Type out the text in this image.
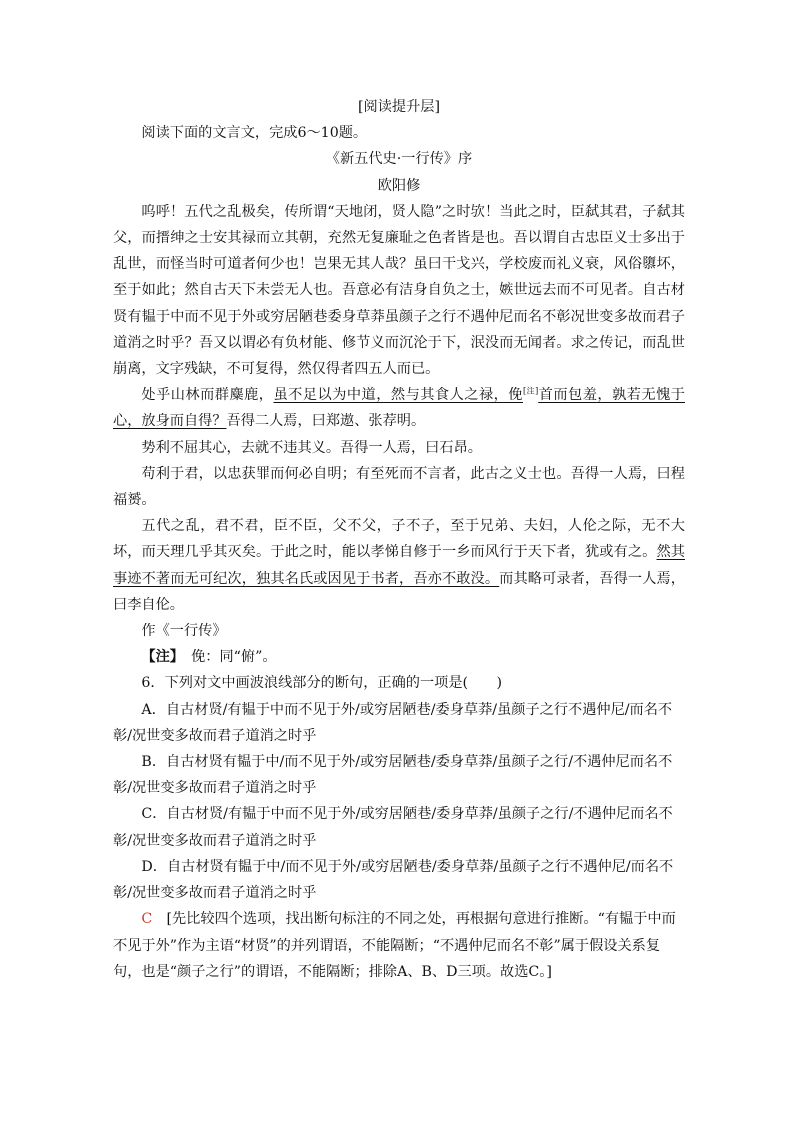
[阅读提升层]

阅读下面的文言文，完成6～10题。

《新五代史·一行传》序
欧阳修

呜呼！五代之乱极矣，传所谓“天地闭，贤人隐”之时欤！当此之时，臣弑其君，子弑其父，而搢绅之士安其禄而立其朝，充然无复廉耻之色者皆是也。吾以谓自古忠臣义士多出于乱世，而怪当时可道者何少也！岂果无其人哉？虽曰干戈兴，学校废而礼义衰，风俗隳坏，至于如此；然自古天下未尝无人也。吾意必有洁身自负之士，嫉世远去而不可见者。自古材贤有韫于中而不见于外或穷居陋巷委身草莽虽颜子之行不遇仲尼而名不彰况世变多故而君子道消之时乎？吾又以谓必有负材能、修节义而沉沦于下，泯没而无闻者。求之传记，而乱世崩离，文字残缺，不可复得，然仅得者四五人而已。

处乎山林而群麋鹿，虽不足以为中道，然与其食人之禄，俛[注]首而包羞，孰若无愧于心，放身而自得？吾得二人焉，曰郑遨、张荐明。

势利不屈其心，去就不违其义。吾得一人焉，曰石昂。

苟利于君，以忠获罪而何必自明；有至死而不言者，此古之义士也。吾得一人焉，曰程福赟。

五代之乱，君不君，臣不臣，父不父，子不子，至于兄弟、夫妇，人伦之际，无不大坏，而天理几乎其灭矣。于此之时，能以孝悌自修于一乡而风行于天下者，犹或有之。然其事迹不著而无可纪次，独其名氏或因见于书者，吾亦不敢没。而其略可录者，吾得一人焉，曰李自伦。

作《一行传》

【注】　 俛：同“俯”。

6．下列对文中画波浪线部分的断句，正确的一项是(　　)

A．自古材贤/有韫于中而不见于外/或穷居陋巷/委身草莽/虽颜子之行不遇仲尼/而名不彰/况世变多故而君子道消之时乎

B．自古材贤有韫于中/而不见于外/或穷居陋巷/委身草莽/虽颜子之行/不遇仲尼而名不彰/况世变多故而君子道消之时乎

C．自古材贤/有韫于中而不见于外/或穷居陋巷/委身草莽/虽颜子之行/不遇仲尼而名不彰/况世变多故而君子道消之时乎

D．自古材贤有韫于中/而不见于外/或穷居陋巷/委身草莽/虽颜子之行不遇仲尼/而名不彰/况世变多故而君子道消之时乎

C　 [先比较四个选项，找出断句标注的不同之处，再根据句意进行推断。“有韫于中而不见于外”作为主语“材贤”的并列谓语，不能隔断；“不遇仲尼而名不彰”属于假设关系复句，也是“颜子之行”的谓语，不能隔断；排除A、B、D三项。故选C。]
